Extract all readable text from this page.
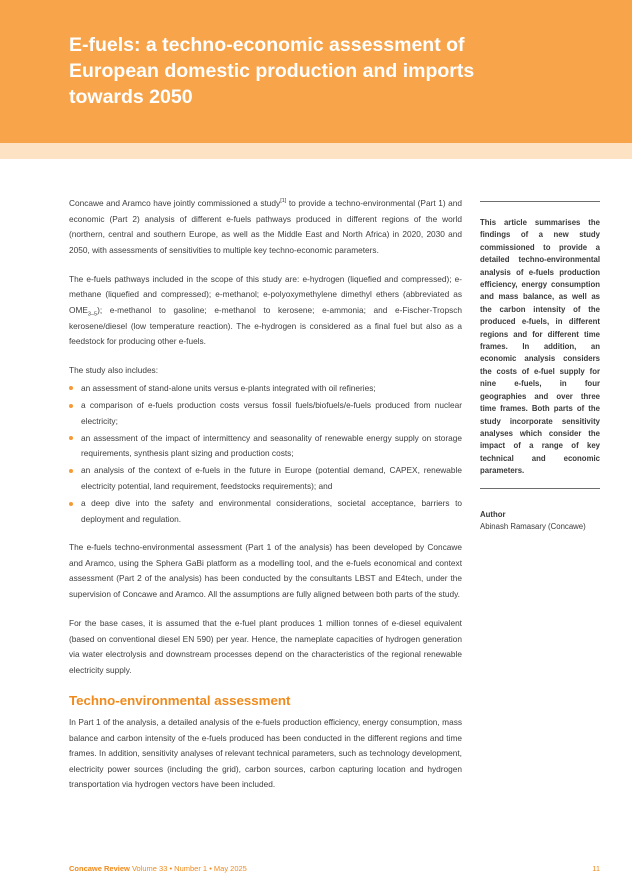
E-fuels: a techno-economic assessment of European domestic production and imports towards 2050

Concawe and Aramco have jointly commissioned a study[1] to provide a techno-environmental (Part 1) and economic (Part 2) analysis of different e-fuels pathways produced in different regions of the world (northern, central and southern Europe, as well as the Middle East and North Africa) in 2020, 2030 and 2050, with assessments of sensitivities to multiple key techno-economic parameters.

The e-fuels pathways included in the scope of this study are: e-hydrogen (liquefied and compressed); e-methane (liquefied and compressed); e-methanol; e-polyoxymethylene dimethyl ethers (abbreviated as $OME_{3-5}$); e-methanol to gasoline; e-methanol to kerosene; e-ammonia; and e-Fischer-Tropsch kerosene/diesel (low temperature reaction). The e-hydrogen is considered as a final fuel but also as a feedstock for producing other e-fuels.

The study also includes:

an assessment of stand-alone units versus e-plants integrated with oil refineries;
a comparison of e-fuels production costs versus fossil fuels/biofuels/e-fuels produced from nuclear electricity;
an assessment of the impact of intermittency and seasonality of renewable energy supply on storage requirements, synthesis plant sizing and production costs;
an analysis of the context of e-fuels in the future in Europe (potential demand, CAPEX, renewable electricity potential, land requirement, feedstocks requirements); and
a deep dive into the safety and environmental considerations, societal acceptance, barriers to deployment and regulation.

The e-fuels techno-environmental assessment (Part 1 of the analysis) has been developed by Concawe and Aramco, using the Sphera GaBi platform as a modelling tool, and the e-fuels economical and context assessment (Part 2 of the analysis) has been conducted by the consultants LBST and E4tech, under the supervision of Concawe and Aramco. All the assumptions are fully aligned between both parts of the study.

For the base cases, it is assumed that the e-fuel plant produces 1 million tonnes of e-diesel equivalent (based on conventional diesel EN 590) per year. Hence, the nameplate capacities of hydrogen generation via water electrolysis and downstream processes depend on the characteristics of the regional renewable electricity supply.

Techno-environmental assessment

In Part 1 of the analysis, a detailed analysis of the e-fuels production efficiency, energy consumption, mass balance and carbon intensity of the e-fuels produced has been conducted in the different regions and time frames. In addition, sensitivity analyses of relevant technical parameters, such as technology development, electricity power sources (including the grid), carbon sources, carbon capturing location and hydrogen transportation via hydrogen vectors have been included.

This article summarises the findings of a new study commissioned to provide a detailed techno-environmental analysis of e-fuels production efficiency, energy consumption and mass balance, as well as the carbon intensity of the produced e-fuels, in different regions and for different time frames. In addition, an economic analysis considers the costs of e-fuel supply for nine e-fuels, in four geographies and over three time frames. Both parts of the study incorporate sensitivity analyses which consider the impact of a range of key technical and economic parameters.

Author
Abinash Ramasary (Concawe)
Concawe Review Volume 33 • Number 1 • May 2025	11
